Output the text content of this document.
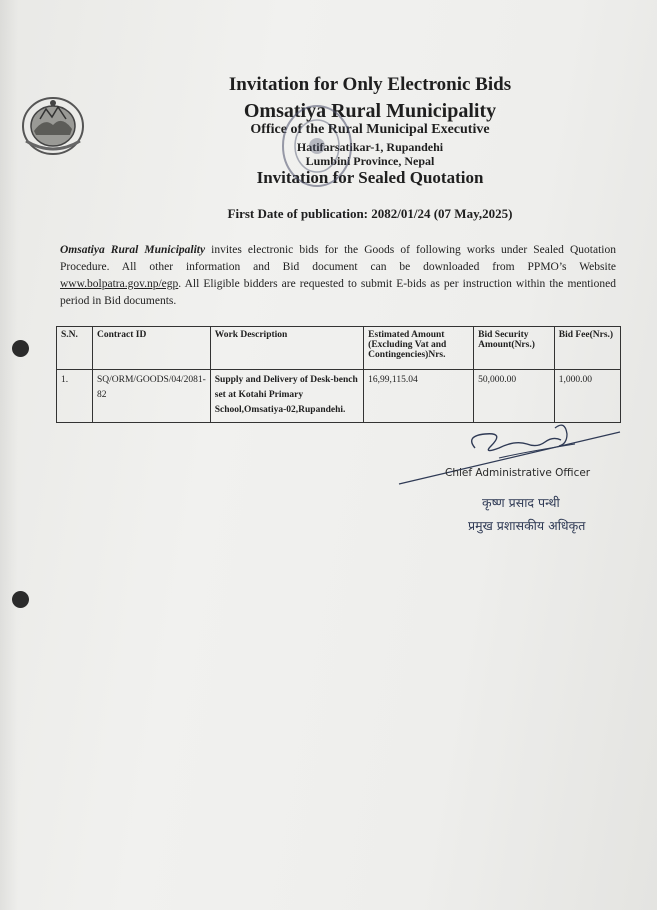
Invitation for Only Electronic Bids
Omsatiya Rural Municipality
Office of the Rural Municipal Executive
Hatifarsatikar-1, Rupandehi
Lumbini Province, Nepal
Invitation for Sealed Quotation
First Date of publication: 2082/01/24 (07 May,2025)
Omsatiya Rural Municipality invites electronic bids for the Goods of following works under Sealed Quotation Procedure. All other information and Bid document can be downloaded from PPMO’s Website www.bolpatra.gov.np/egp. All Eligible bidders are requested to submit E-bids as per instruction within the mentioned period in Bid documents.
S.N.	Contract ID	Work Description	Estimated Amount (Excluding Vat and Contingencies)Nrs.	Bid Security Amount(Nrs.)	Bid Fee(Nrs.)
1.	SQ/ORM/GOODS/04/2081-82	Supply and Delivery of Desk-bench set at Kotahi Primary School,Omsatiya-02,Rupandehi.	16,99,115.04	50,000.00	1,000.00
Chief Administrative Officer
कृष्ण प्रसाद पन्थी
प्रमुख प्रशासकीय अधिकृत
